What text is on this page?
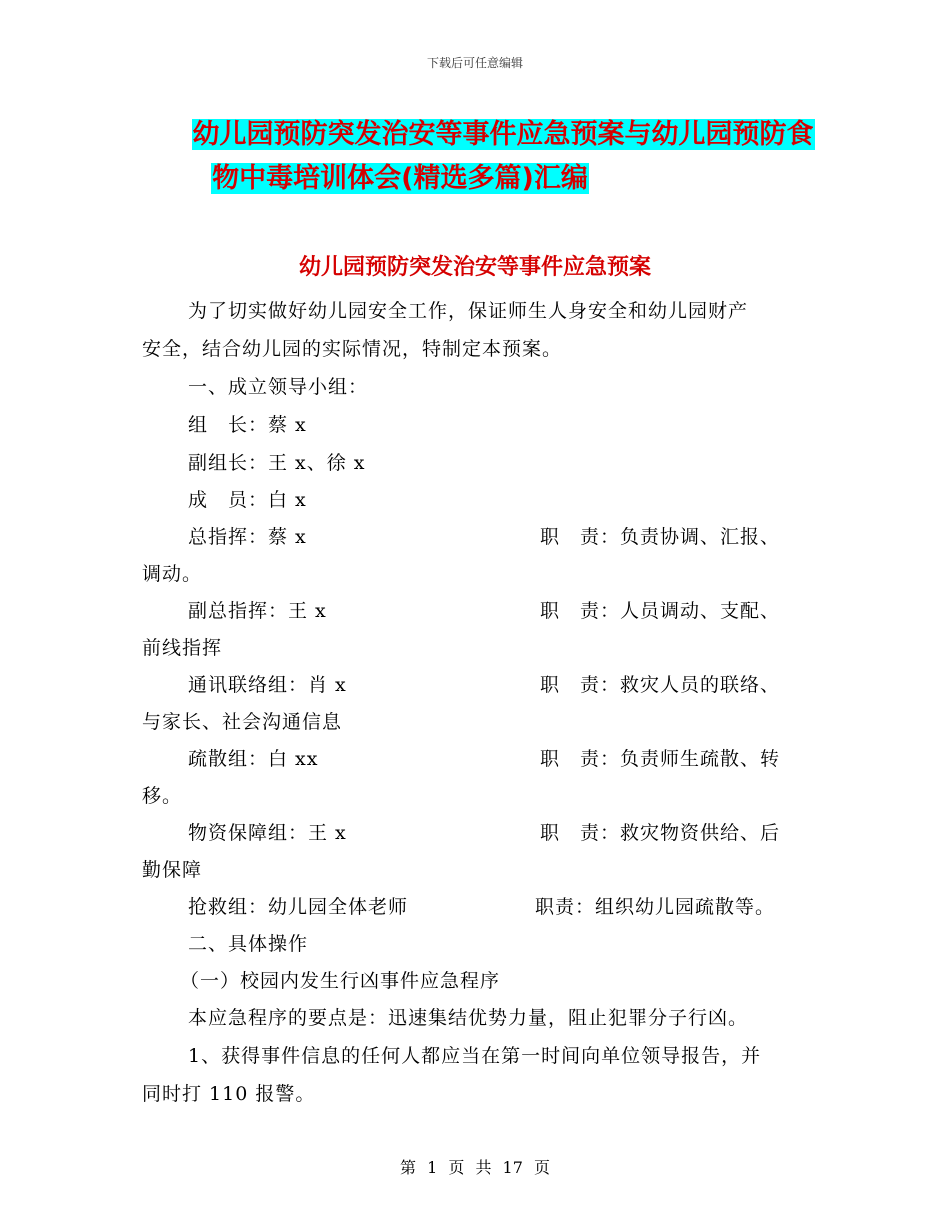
下载后可任意编辑
幼儿园预防突发治安等事件应急预案与幼儿园预防食
物中毒培训体会(精选多篇)汇编
幼儿园预防突发治安等事件应急预案
为了切实做好幼儿园安全工作，保证师生人身安全和幼儿园财产
安全，结合幼儿园的实际情况，特制定本预案。
一、成立领导小组：
组　长：蔡 x
副组长：王 x、徐 x
成　员：白 x
总指挥：蔡 x	职　责：负责协调、汇报、
调动。
副总指挥：王 x	职　责：人员调动、支配、
前线指挥
通讯联络组：肖 x	职　责：救灾人员的联络、
与家长、社会沟通信息
疏散组：白 xx	职　责：负责师生疏散、转
移。
物资保障组：王 x	职　责：救灾物资供给、后
勤保障
抢救组：幼儿园全体老师	职责：组织幼儿园疏散等。
二、具体操作
（一）校园内发生行凶事件应急程序
本应急程序的要点是：迅速集结优势力量，阻止犯罪分子行凶。
1、获得事件信息的任何人都应当在第一时间向单位领导报告，并
同时打 110 报警。
第 1 页 共 17 页
